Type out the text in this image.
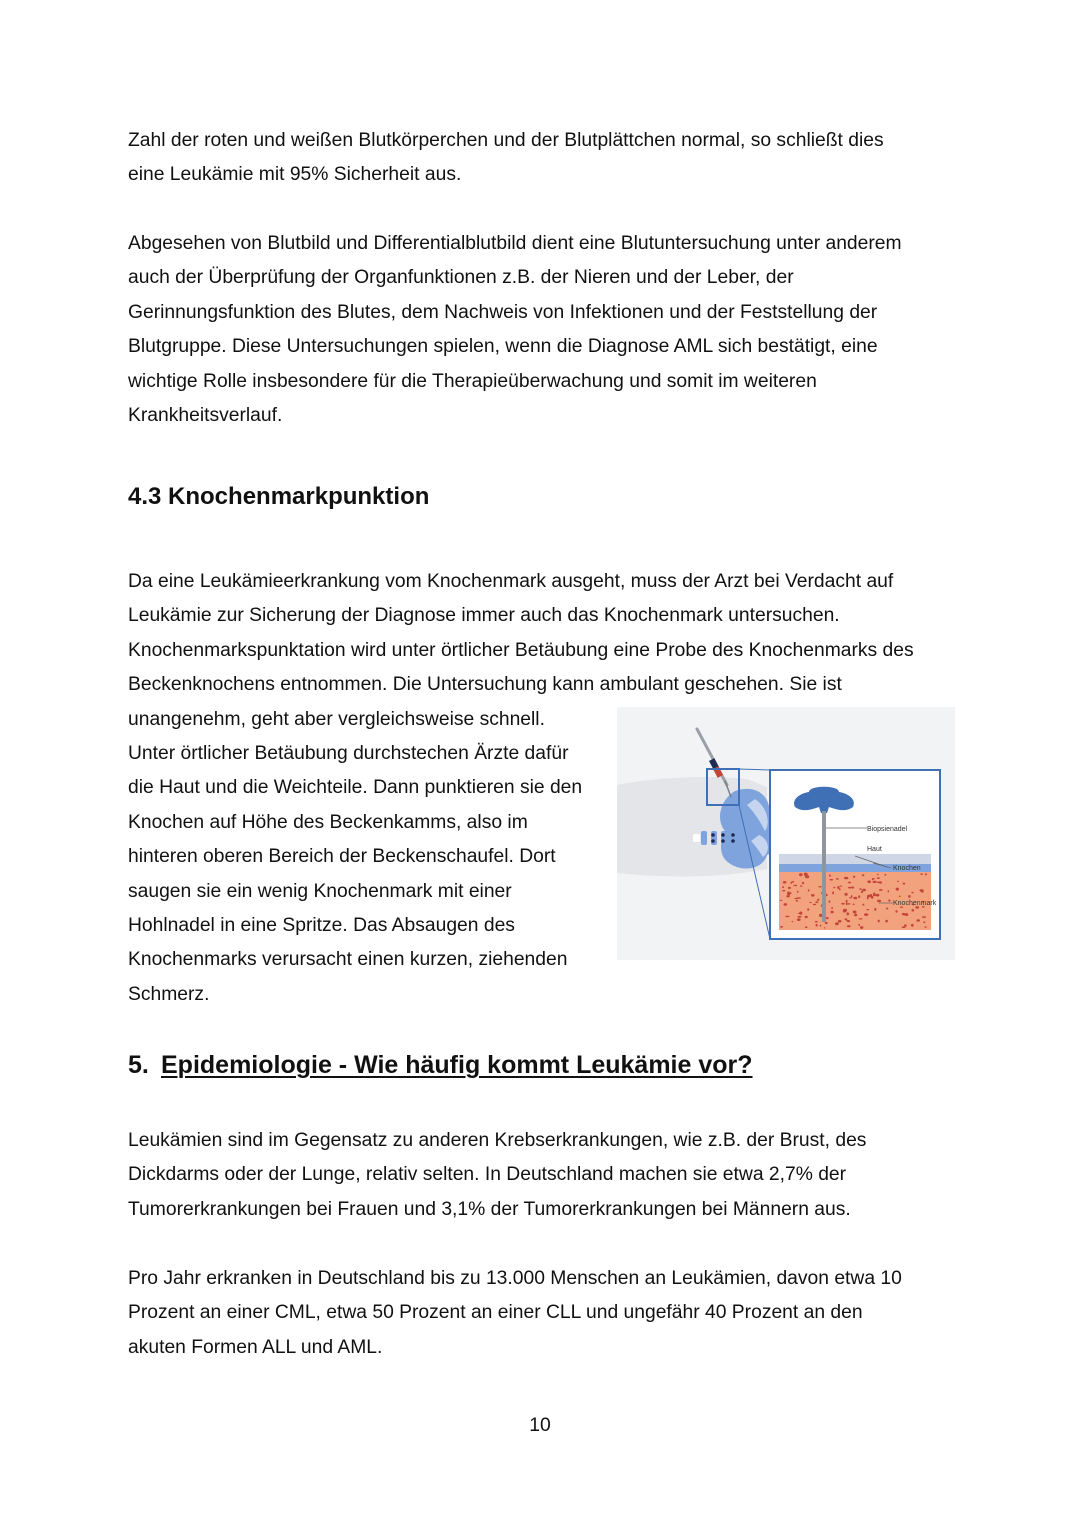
Zahl der roten und weißen Blutkörperchen und der Blutplättchen normal, so schließt dies
eine Leukämie mit 95% Sicherheit aus.

Abgesehen von Blutbild und Differentialblutbild dient eine Blutuntersuchung unter anderem
auch der Überprüfung der Organfunktionen z.B. der Nieren und der Leber, der
Gerinnungsfunktion des Blutes, dem Nachweis von Infektionen und der Feststellung der
Blutgruppe. Diese Untersuchungen spielen, wenn die Diagnose AML sich bestätigt, eine
wichtige Rolle insbesondere für die Therapieüberwachung und somit im weiteren
Krankheitsverlauf.

4.3 Knochenmarkpunktion

Da eine Leukämieerkrankung vom Knochenmark ausgeht, muss der Arzt bei Verdacht auf
Leukämie zur Sicherung der Diagnose immer auch das Knochenmark untersuchen.
Knochenmarkspunktation wird unter örtlicher Betäubung eine Probe des Knochenmarks des
Beckenknochens entnommen. Die Untersuchung kann ambulant geschehen. Sie ist
unangenehm, geht aber vergleichsweise schnell.
Unter örtlicher Betäubung durchstechen Ärzte dafür
die Haut und die Weichteile. Dann punktieren sie den
Knochen auf Höhe des Beckenkamms, also im
hinteren oberen Bereich der Beckenschaufel. Dort
saugen sie ein wenig Knochenmark mit einer
Hohlnadel in eine Spritze. Das Absaugen des
Knochenmarks verursacht einen kurzen, ziehenden
Schmerz.

Biopsienadel
Haut
Knochen
Knochenmark
5. Epidemiologie - Wie häufig kommt Leukämie vor?

Leukämien sind im Gegensatz zu anderen Krebserkrankungen, wie z.B. der Brust, des
Dickdarms oder der Lunge, relativ selten. In Deutschland machen sie etwa 2,7% der
Tumorerkrankungen bei Frauen und 3,1% der Tumorerkrankungen bei Männern aus.

Pro Jahr erkranken in Deutschland bis zu 13.000 Menschen an Leukämien, davon etwa 10
Prozent an einer CML, etwa 50 Prozent an einer CLL und ungefähr 40 Prozent an den
akuten Formen ALL und AML.

10
